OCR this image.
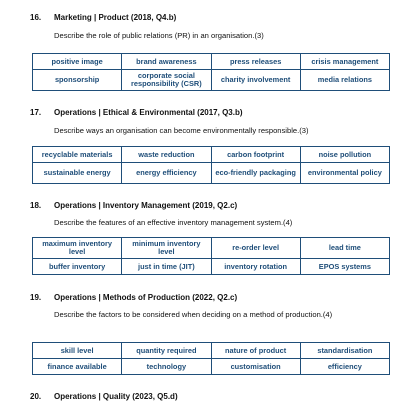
16. Marketing | Product (2018, Q4.b)
Describe the role of public relations (PR) in an organisation.(3)
positive image	brand awareness	press releases	crisis management
sponsorship	corporate social responsibility (CSR)	charity involvement	media relations
17. Operations | Ethical & Environmental (2017, Q3.b)
Describe ways an organisation can become environmentally responsible.(3)
recyclable materials	waste reduction	carbon footprint	noise pollution
sustainable energy	energy efficiency	eco-friendly packaging	environmental policy
18. Operations | Inventory Management (2019, Q2.c)
Describe the features of an effective inventory management system.(4)
maximum inventory level	minimum inventory level	re-order level	lead time
buffer inventory	just in time (JIT)	inventory rotation	EPOS systems
19. Operations | Methods of Production (2022, Q2.c)
Describe the factors to be considered when deciding on a method of production.(4)
skill level	quantity required	nature of product	standardisation
finance available	technology	customisation	efficiency
20. Operations | Quality (2023, Q5.d)
